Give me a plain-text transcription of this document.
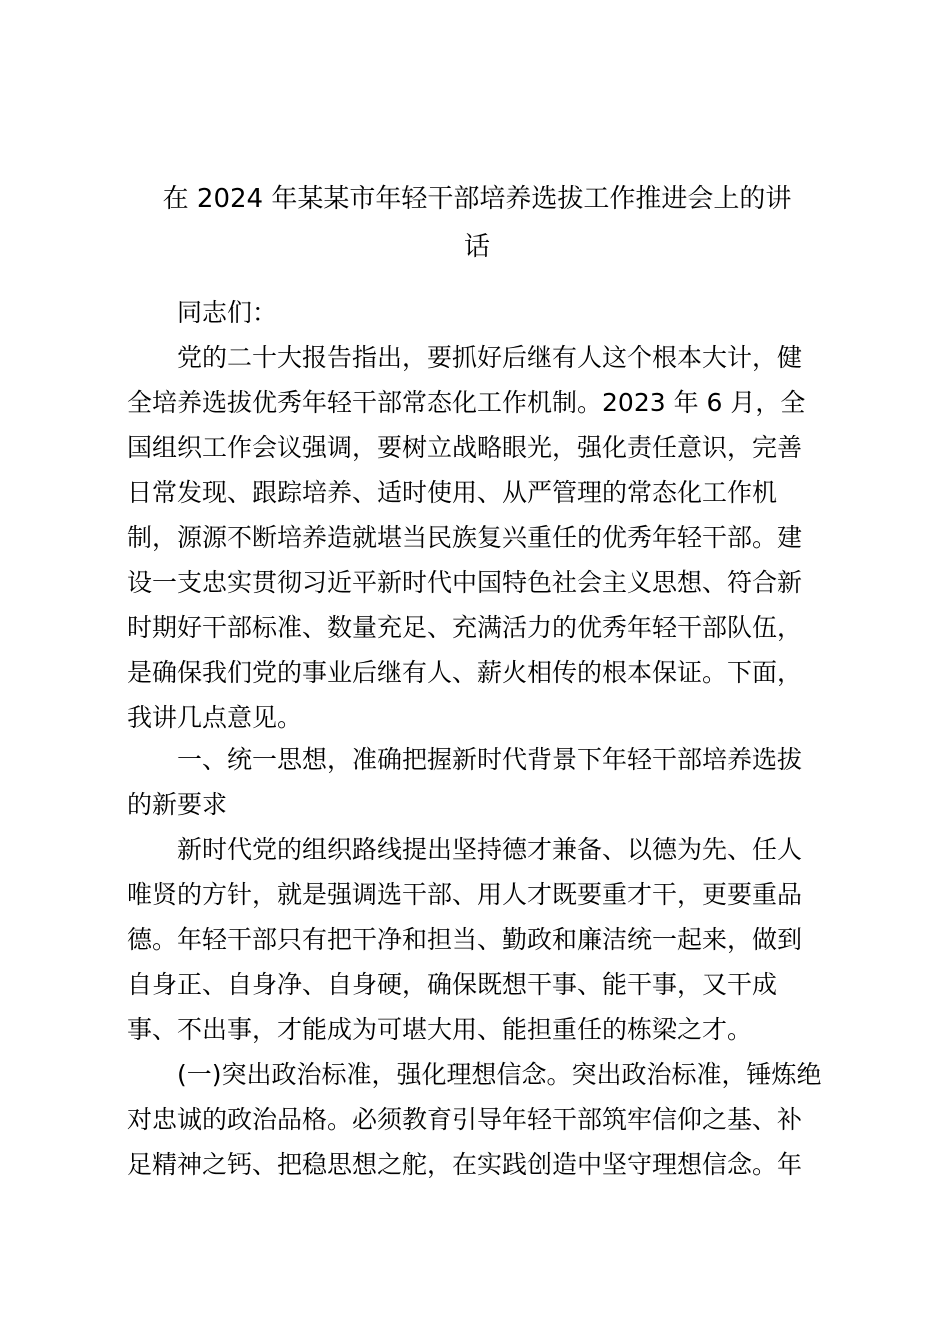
在 2024 年某某市年轻干部培养选拔工作推进会上的讲
话

同志们：

党的二十大报告指出，要抓好后继有人这个根本大计，健

全培养选拔优秀年轻干部常态化工作机制。2023 年 6 月，全

国组织工作会议强调，要树立战略眼光，强化责任意识，完善

日常发现、跟踪培养、适时使用、从严管理的常态化工作机

制，源源不断培养造就堪当民族复兴重任的优秀年轻干部。建

设一支忠实贯彻习近平新时代中国特色社会主义思想、符合新

时期好干部标准、数量充足、充满活力的优秀年轻干部队伍，

是确保我们党的事业后继有人、薪火相传的根本保证。下面，

我讲几点意见。

一、统一思想，准确把握新时代背景下年轻干部培养选拔

的新要求

新时代党的组织路线提出坚持德才兼备、以德为先、任人

唯贤的方针，就是强调选干部、用人才既要重才干，更要重品

德。年轻干部只有把干净和担当、勤政和廉洁统一起来，做到

自身正、自身净、自身硬，确保既想干事、能干事，又干成

事、不出事，才能成为可堪大用、能担重任的栋梁之才。

(一)突出政治标准，强化理想信念。突出政治标准，锤炼绝

对忠诚的政治品格。必须教育引导年轻干部筑牢信仰之基、补

足精神之钙、把稳思想之舵，在实践创造中坚守理想信念。年
